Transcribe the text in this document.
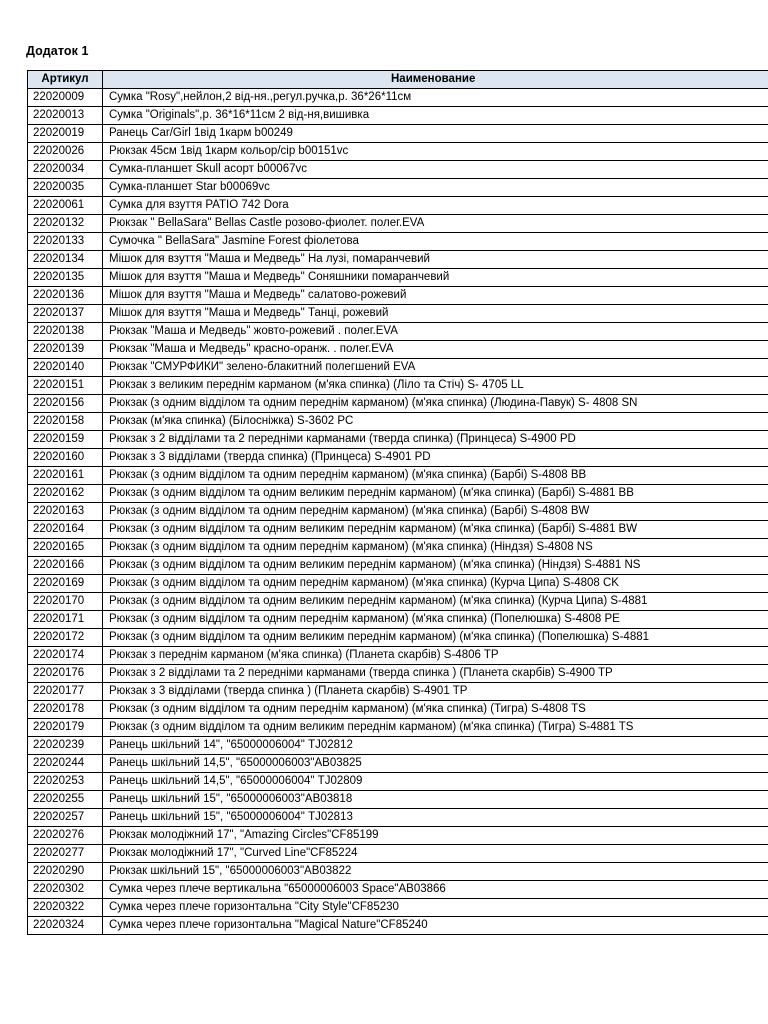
Додаток 1
Артикул	Наименование
22020009	Сумка "Rosy",нейлон,2 від-ня.,регул.ручка,р. 36*26*11см
22020013	Сумка "Originals",р. 36*16*11см 2 від-ня,вишивка
22020019	Ранець Car/Girl 1від 1карм b00249
22020026	Рюкзак 45см 1від 1карм кольор/сір b00151vc
22020034	Сумка-планшет Skull асорт b00067vc
22020035	Сумка-планшет Star b00069vc
22020061	Сумка для взуття PATIO 742 Dora
22020132	Рюкзак " BellaSara" Bellas Castle розово-фиолет. полег.EVA
22020133	Сумочка " BellaSara" Jasmine Forest фіолетова
22020134	Мішок для взуття "Маша и Медведь" На лузі, помаранчевий
22020135	Мішок для взуття "Маша и Медведь" Соняшники помаранчевий
22020136	Мішок для взуття "Маша и Медведь" салатово-рожевий
22020137	Мішок для взуття "Маша и Медведь" Танці, рожевий
22020138	Рюкзак "Маша и Медведь" жовто-рожевий . полег.EVA
22020139	Рюкзак "Маша и Медведь" красно-оранж. . полег.EVA
22020140	Рюкзак "СМУРФИКИ" зелено-блакитний полегшений EVA
22020151	Рюкзак з великим переднім карманом (м'яка спинка) (Ліло та Стіч) S- 4705 LL
22020156	Рюкзак (з одним відділом та одним переднім карманом) (м'яка спинка) (Людина-Павук) S- 4808 SN
22020158	Рюкзак (м'яка спинка) (Білосніжка) S-3602 PC
22020159	Рюкзак з 2 відділами та 2 передніми карманами (тверда спинка) (Принцеса) S-4900 PD
22020160	Рюкзак з 3 відділами (тверда спинка) (Принцеса) S-4901 PD
22020161	Рюкзак (з одним відділом та одним переднім карманом) (м'яка спинка) (Барбі) S-4808 BB
22020162	Рюкзак (з одним відділом та одним великим переднім карманом) (м'яка спинка) (Барбі) S-4881 BB
22020163	Рюкзак (з одним відділом та одним переднім карманом) (м'яка спинка) (Барбі) S-4808 BW
22020164	Рюкзак (з одним відділом та одним великим переднім карманом) (м'яка спинка) (Барбі) S-4881 BW
22020165	Рюкзак (з одним відділом та одним переднім карманом) (м'яка спинка) (Ніндзя) S-4808 NS
22020166	Рюкзак (з одним відділом та одним великим переднім карманом) (м'яка спинка) (Ніндзя) S-4881 NS
22020169	Рюкзак (з одним відділом та одним переднім карманом) (м'яка спинка) (Курча Ципа) S-4808 CK
22020170	Рюкзак (з одним відділом та одним великим переднім карманом) (м'яка спинка) (Курча Ципа) S-4881
22020171	Рюкзак (з одним відділом та одним переднім карманом) (м'яка спинка) (Попелюшка) S-4808 PE
22020172	Рюкзак (з одним відділом та одним великим переднім карманом) (м'яка спинка) (Попелюшка) S-4881
22020174	Рюкзак з переднім карманом (м'яка спинка) (Планета скарбів) S-4806 TP
22020176	Рюкзак з 2 відділами та 2 передніми карманами (тверда спинка ) (Планета скарбів) S-4900 TP
22020177	Рюкзак з 3 відділами (тверда спинка ) (Планета скарбів) S-4901 TP
22020178	Рюкзак (з одним відділом та одним переднім карманом) (м'яка спинка) (Тигра) S-4808 TS
22020179	Рюкзак (з одним відділом та одним великим переднім карманом) (м'яка спинка) (Тигра) S-4881 TS
22020239	Ранець шкільний 14", "65000006004" TJ02812
22020244	Ранець шкільний 14,5", "65000006003"AB03825
22020253	Ранець шкільний 14,5", "65000006004" TJ02809
22020255	Ранець шкільний 15", "65000006003"AB03818
22020257	Ранець шкільний 15", "65000006004" TJ02813
22020276	Рюкзак молодіжний 17", "Amazing Circles"CF85199
22020277	Рюкзак молодіжний 17", "Curved Line"CF85224
22020290	Рюкзак шкільний 15", "65000006003"AB03822
22020302	Сумка через плече вертикальна "65000006003 Space"AB03866
22020322	Сумка через плече горизонтальна "City Style"CF85230
22020324	Сумка через плече горизонтальна "Magical Nature"CF85240
